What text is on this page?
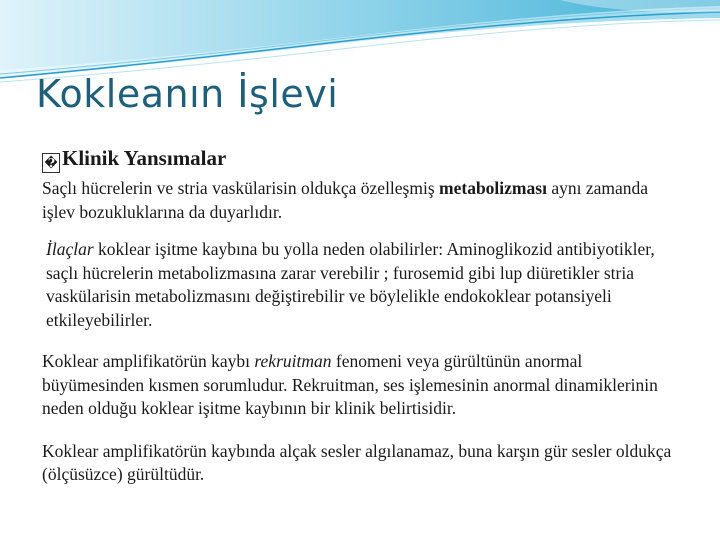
Kokleanın İşlevi
� Klinik Yansımalar

Saçlı hücrelerin ve stria vaskülarisin oldukça özelleşmiş metabolizması aynı zamanda işlev bozukluklarına da duyarlıdır.

İlaçlar koklear işitme kaybına bu yolla neden olabilirler: Aminoglikozid antibiyotikler, saçlı hücrelerin metabolizmasına zarar verebilir ; furosemid gibi lup diüretikler stria vaskülarisin metabolizmasını değiştirebilir ve böylelikle endokoklear potansiyeli etkileyebilirler.

Koklear amplifikatörün kaybı rekruitman fenomeni veya gürültünün anormal büyümesinden kısmen sorumludur. Rekruitman, ses işlemesinin anormal dinamiklerinin neden olduğu koklear işitme kaybının bir klinik belirtisidir.

Koklear amplifikatörün kaybında alçak sesler algılanamaz, buna karşın gür sesler oldukça (ölçüsüzce) gürültüdür.
